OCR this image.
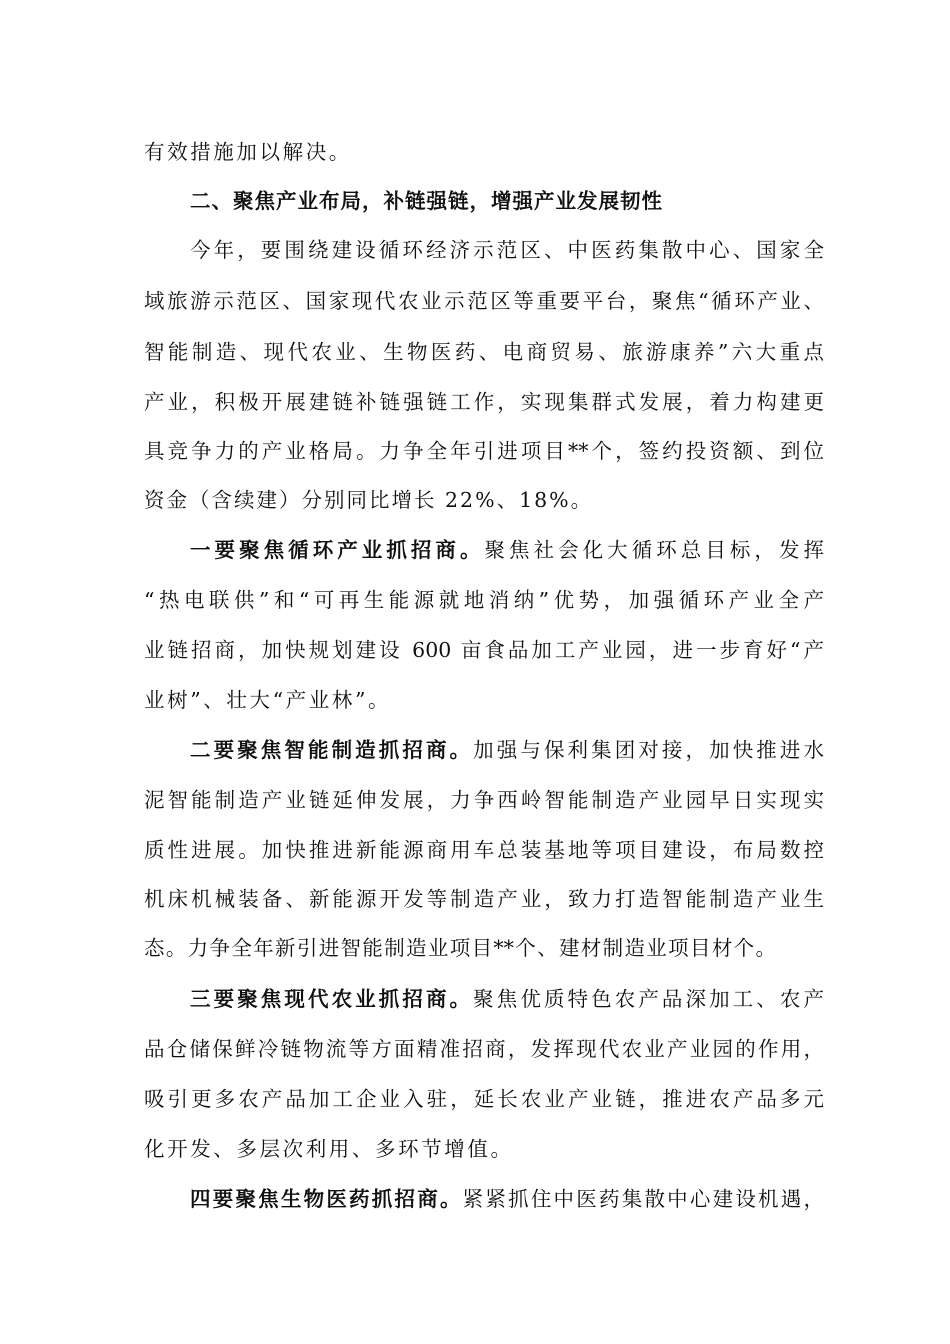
有效措施加以解决。
二、聚焦产业布局，补链强链，增强产业发展韧性
今年，要围绕建设循环经济示范区、中医药集散中心、国家全
域旅游示范区、国家现代农业示范区等重要平台，聚焦“循环产业、
智能制造、现代农业、生物医药、电商贸易、旅游康养”六大重点
产业，积极开展建链补链强链工作，实现集群式发展，着力构建更
具竞争力的产业格局。力争全年引进项目**个，签约投资额、到位
资金（含续建）分别同比增长 22%、18%。
一要聚焦循环产业抓招商。聚焦社会化大循环总目标，发挥
“热电联供”和“可再生能源就地消纳”优势，加强循环产业全产
业链招商，加快规划建设 600 亩食品加工产业园，进一步育好“产
业树”、壮大“产业林”。
二要聚焦智能制造抓招商。加强与保利集团对接，加快推进水
泥智能制造产业链延伸发展，力争西岭智能制造产业园早日实现实
质性进展。加快推进新能源商用车总装基地等项目建设，布局数控
机床机械装备、新能源开发等制造产业，致力打造智能制造产业生
态。力争全年新引进智能制造业项目**个、建材制造业项目材个。
三要聚焦现代农业抓招商。聚焦优质特色农产品深加工、农产
品仓储保鲜冷链物流等方面精准招商，发挥现代农业产业园的作用，
吸引更多农产品加工企业入驻，延长农业产业链，推进农产品多元
化开发、多层次利用、多环节增值。
四要聚焦生物医药抓招商。紧紧抓住中医药集散中心建设机遇，
